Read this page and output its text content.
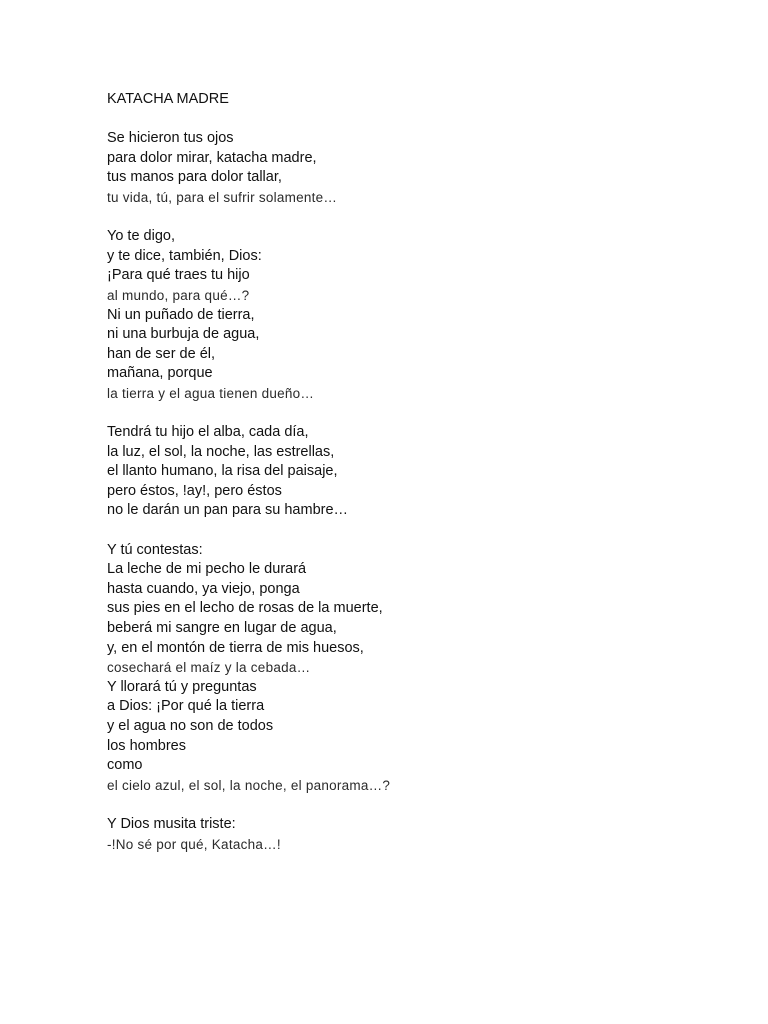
KATACHA MADRE
Se hicieron tus ojos
para dolor mirar, katacha madre,
tus manos para dolor tallar,
tu vida, tú, para el sufrir solamente…
Yo te digo,
y te dice, también, Dios:
¡Para qué traes tu hijo
al mundo, para qué…?
Ni un puñado de tierra,
ni una burbuja de agua,
han de ser de él,
mañana, porque
la tierra y el agua tienen dueño…
Tendrá tu hijo el alba, cada día,
la luz, el sol, la noche, las estrellas,
el llanto humano, la risa del paisaje,
pero éstos, !ay!, pero éstos
no le darán un pan para su hambre…
Y tú contestas:
La leche de mi pecho le durará
hasta cuando, ya viejo, ponga
sus pies en el lecho de rosas de la muerte,
beberá mi sangre en lugar de agua,
y, en el montón de tierra de mis huesos,
cosechará el maíz y la cebada…
Y llorará tú y preguntas
a Dios: ¡Por qué la tierra
y el agua no son de todos
los hombres
como
el cielo azul, el sol, la noche, el panorama…?
Y Dios musita triste:
-!No sé por qué, Katacha…!
